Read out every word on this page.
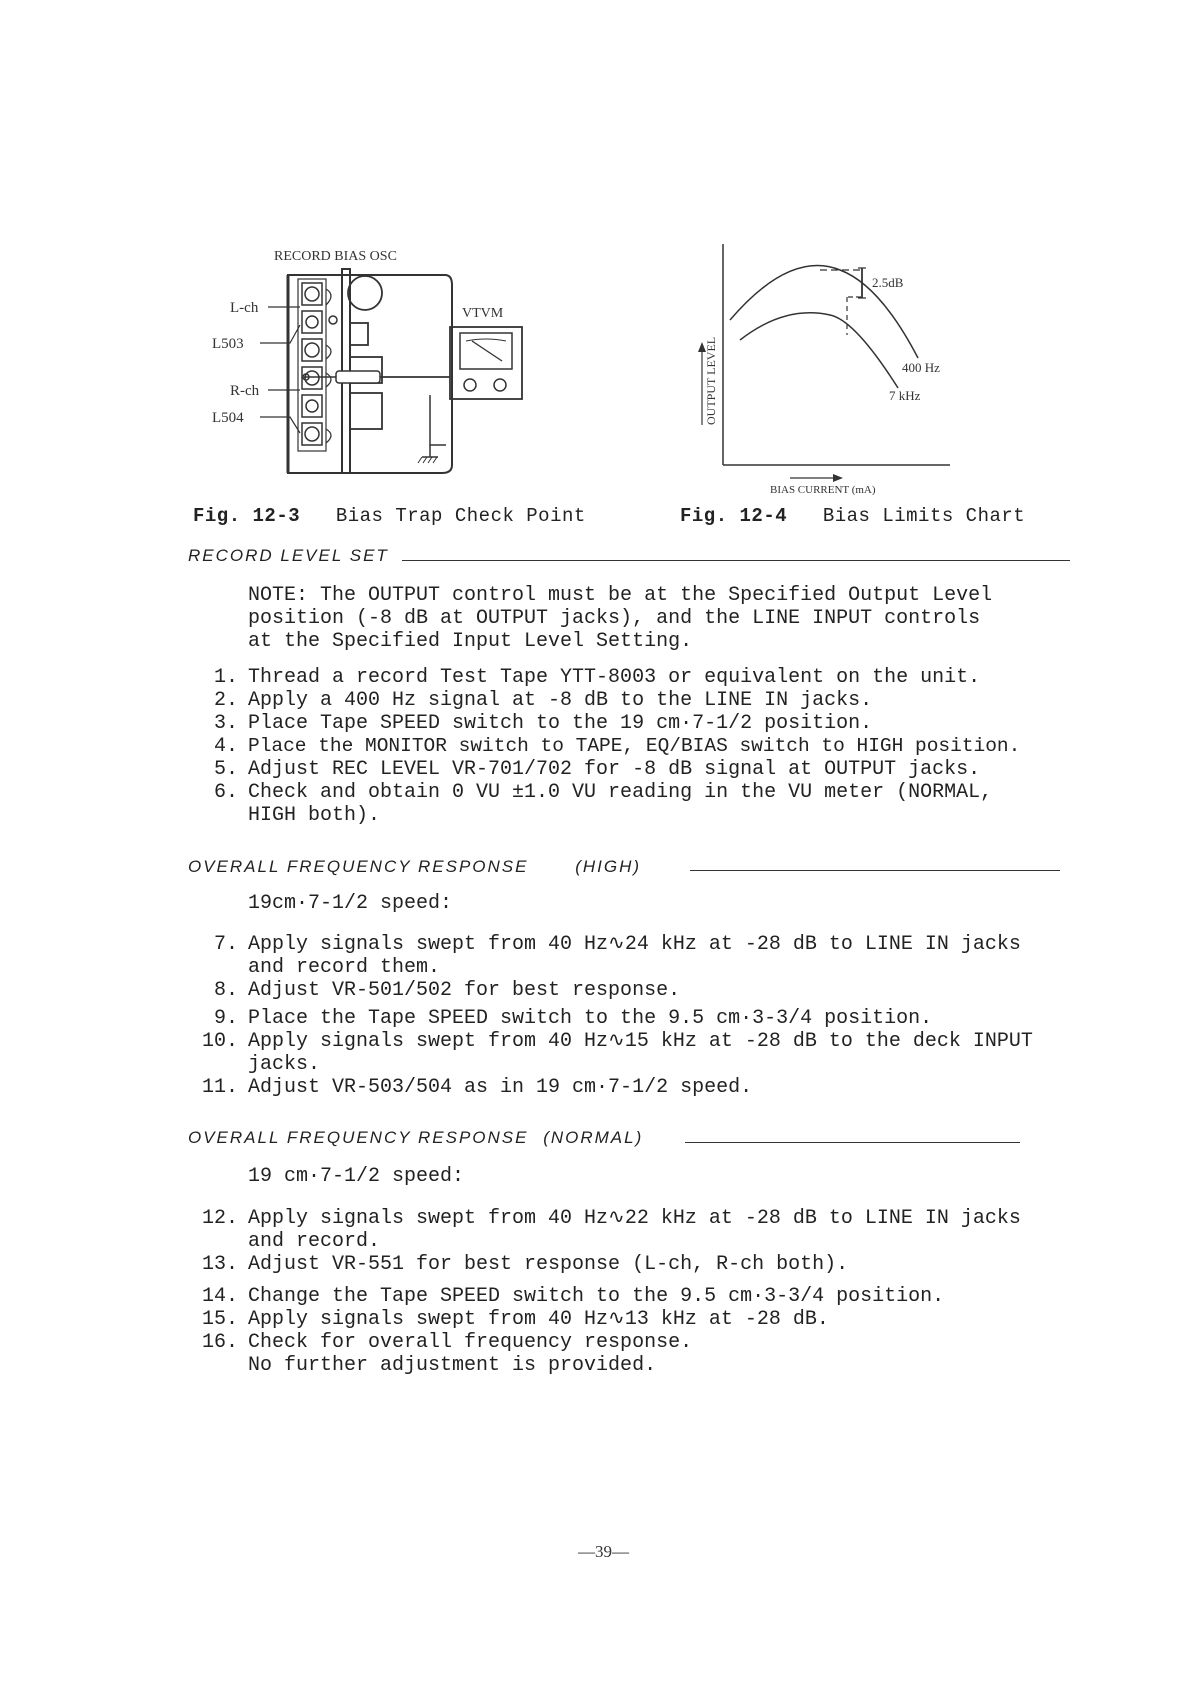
RECORD BIAS OSC
L-ch
L503
R-ch
L504
VTVM
Fig. 12-3 Bias Trap Check Point
OUTPUT LEVEL
2.5dB
400 Hz
7 kHz
BIAS CURRENT (mA)
Fig. 12-4 Bias Limits Chart
RECORD LEVEL SET
NOTE: The OUTPUT control must be at the Specified Output Level
position (-8 dB at OUTPUT jacks), and the LINE INPUT controls
at the Specified Input Level Setting.
1. Thread a record Test Tape YTT-8003 or equivalent on the unit.
2. Apply a 400 Hz signal at -8 dB to the LINE IN jacks.
3. Place Tape SPEED switch to the 19 cm·7-1/2 position.
4. Place the MONITOR switch to TAPE, EQ/BIAS switch to HIGH position.
5. Adjust REC LEVEL VR-701/702 for -8 dB signal at OUTPUT jacks.
6. Check and obtain 0 VU ±1.0 VU reading in the VU meter (NORMAL,
HIGH both).
OVERALL FREQUENCY RESPONSE	(HIGH)
19cm·7-1/2 speed:
7. Apply signals swept from 40 Hz∿24 kHz at -28 dB to LINE IN jacks
and record them.
8. Adjust VR-501/502 for best response.
9. Place the Tape SPEED switch to the 9.5 cm·3-3/4 position.
10. Apply signals swept from 40 Hz∿15 kHz at -28 dB to the deck INPUT
jacks.
11. Adjust VR-503/504 as in 19 cm·7-1/2 speed.
OVERALL FREQUENCY RESPONSE (NORMAL)
19 cm·7-1/2 speed:
12. Apply signals swept from 40 Hz∿22 kHz at -28 dB to LINE IN jacks
and record.
13. Adjust VR-551 for best response (L-ch, R-ch both).
14. Change the Tape SPEED switch to the 9.5 cm·3-3/4 position.
15. Apply signals swept from 40 Hz∿13 kHz at -28 dB.
16. Check for overall frequency response.
No further adjustment is provided.
—39—
